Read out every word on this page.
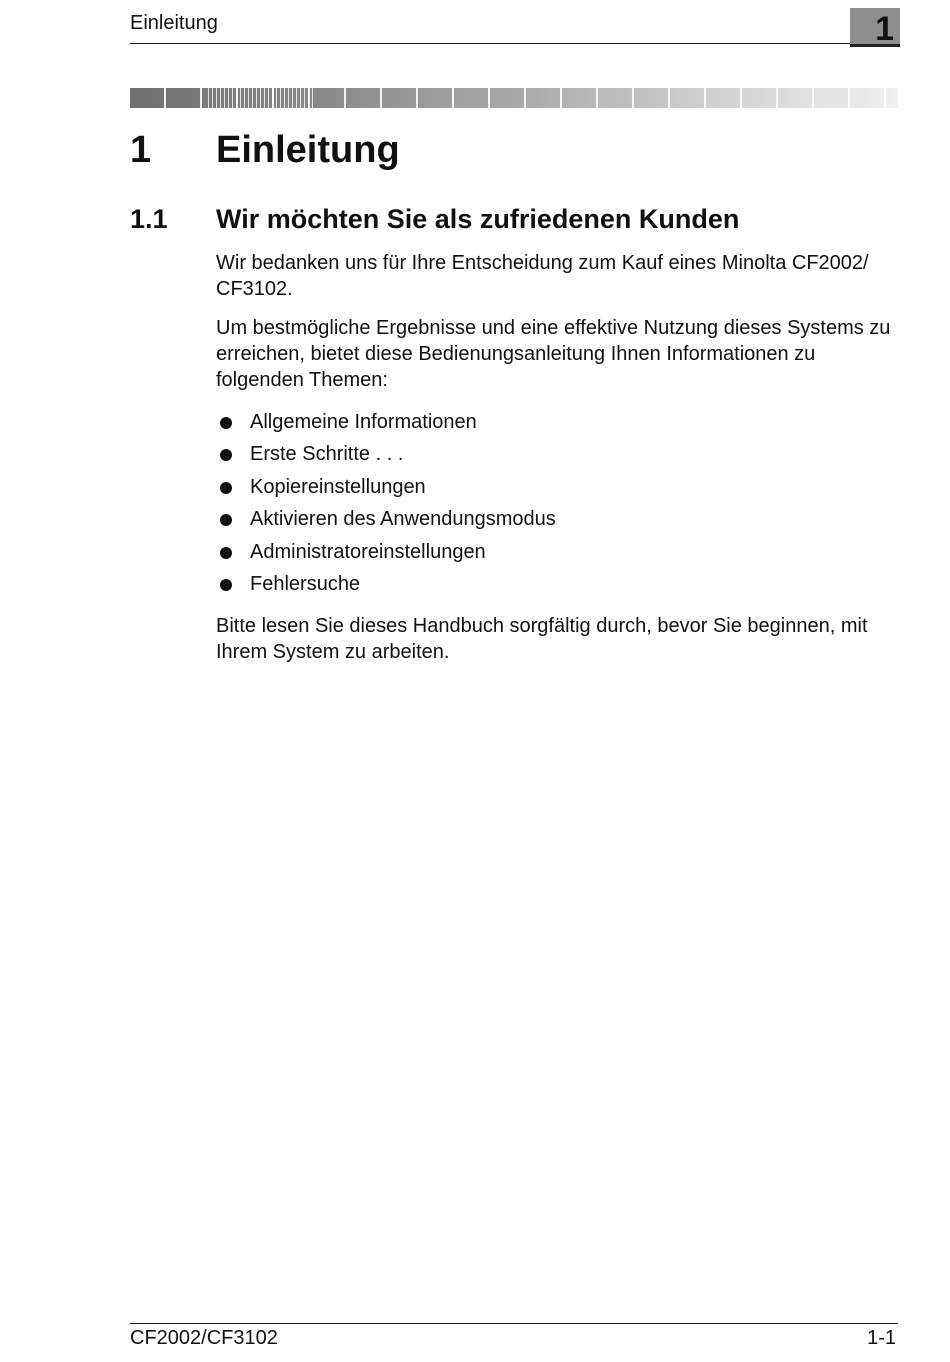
Einleitung	1
1 Einleitung
1.1 Wir möchten Sie als zufriedenen Kunden

Wir bedanken uns für Ihre Entscheidung zum Kauf eines Minolta CF2002/ CF3102.

Um bestmögliche Ergebnisse und eine effektive Nutzung dieses Systems zu erreichen, bietet diese Bedienungsanleitung Ihnen Informationen zu folgenden Themen:

Allgemeine Informationen
Erste Schritte . . .
Kopiereinstellungen
Aktivieren des Anwendungsmodus
Administratoreinstellungen
Fehlersuche

Bitte lesen Sie dieses Handbuch sorgfältig durch, bevor Sie beginnen, mit Ihrem System zu arbeiten.

CF2002/CF3102	1-1
